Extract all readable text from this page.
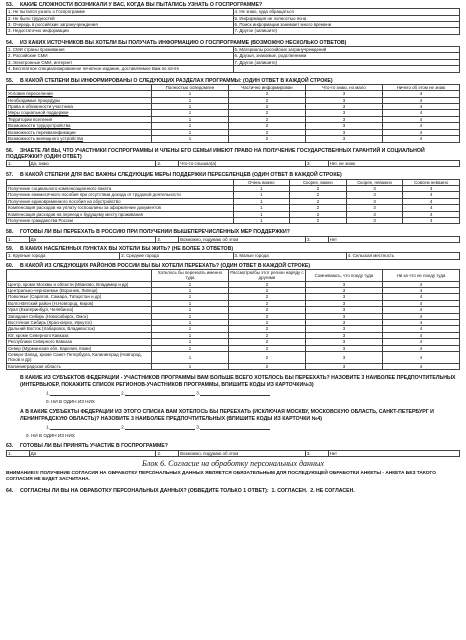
53. КАКИЕ СЛОЖНОСТИ ВОЗНИКАЛИ У ВАС, КОГДА ВЫ ПЫТАЛИСЬ УЗНАТЬ О ГОСПРОГРАММЕ?

1. Не пытался узнать о Госпрограмме	4. Не знаю, куда обращаться
2. Не было трудностей	5. Информация не полностью ясна
3. Очередь в российские загранучреждения	6. Поиск информации занимает много времени
3. Недостаточно информации	7. Другое (запишите)

54. ИЗ КАКИХ ИСТОЧНИКОВ ВЫ ХОТЕЛИ БЫ ПОЛУЧАТЬ ИНФОРМАЦИЮ О ГОСПРОГРАММЕ (ВОЗМОЖНО НЕСКОЛЬКО ОТВЕТОВ)

1. СМИ страны проживания	5. Материалы российских загранучреждений
2. Российские СМИ	6. Друзья, знакомые, родственники
3. Электронные СМИ, интернет	7. Другое (запишите)
4. Бесплатное специализированное печатное издание, доставляемое Вам по почте	

55. В КАКОЙ СТЕПЕНИ ВЫ ИНФОРМИРОВАНЫ О СЛЕДУЮЩИХ РАЗДЕЛАХ ПРОГРАММЫ: (ОДИН ОТВЕТ В КАЖДОЙ СТРОКЕ)

	Полностью осведомлен	Частично информирован	Что-то знаю, но мало	Ничего об этом не знаю
Условия переселения	1	2	3	4
Необходимые процедуры	1	2	3	4
Права и обязанности участника	1	2	3	4
Меры социальной поддержки	1	2	3	4
Территории вселения	1	2	3	4
Возможности трудоустройства	1	2	3	4
Возможность переквалификации	1	2	3	4
Возможность жилищного устройства	1	2	3	4

56. ЗНАЕТЕ ЛИ ВЫ, ЧТО УЧАСТНИКИ ГОСПРОГРАММЫ И ЧЛЕНЫ ЕГО СЕМЬИ ИМЕЮТ ПРАВО НА ПОЛУЧЕНИЕ ГОСУДАРСТВЕННЫХ ГАРАНТИЙ И СОЦИАЛЬНОЙ ПОДДЕРЖКИ? (ОДИН ОТВЕТ)

1.	Да, знаю	2.	Что-то слышал(а)	3.	Нет, не знаю

57. В КАКОЙ СТЕПЕНИ ДЛЯ ВАС ВАЖНЫ СЛЕДУЮЩИЕ МЕРЫ ПОДДЕРЖКИ ПЕРЕСЕЛЕНЦЕВ (ОДИН ОТВЕТ В КАЖДОЙ СТРОКЕ)

	Очень важно	Скорее, важно	Скорее, неважно	Совсем неважно
Получение социального компенсационного пакета	1	2	3	4
Получение ежемесячного пособия при отсутствии дохода от трудовой деятельности	1	2	3	4
Получение единовременного пособия на обустройство	1	2	3	4
Компенсация расходов на уплату госпошлины за оформление документов	1	2	3	4
Компенсация расходов на переезд к будущему месту проживания	1	2	3	4
Получение гражданства России	1	2	3	4

58. ГОТОВЫ ЛИ ВЫ ПЕРЕЕХАТЬ В РОССИЮ ПРИ ПОЛУЧЕНИИ ВЫШЕПЕРЕЧИСЛЕННЫХ МЕР ПОДДЕРЖКИ?

1.	Да	2.	Возможно, подумаю об этом	3.	Нет

59. В КАКИХ НАСЕЛЕННЫХ ПУНКТАХ ВЫ ХОТЕЛИ БЫ ЖИТЬ? (НЕ БОЛЕЕ 3 ОТВЕТОВ)

1. Крупные города	2. Средние города	3. Малые города	4. Сельская местность

60. В КАКОЙ ИЗ СЛЕДУЮЩИХ РАЙОНОВ РОССИИ ВЫ БЫ ХОТЕЛИ ПЕРЕЕХАТЬ? (ОДИН ОТВЕТ В КАЖДОЙ СТРОКЕ)

	Хотелось бы переехать именно туда	Рассмотрю/бы этот регион наряду с другими	Сомневаюсь, что поеду туда	Ни за что не поеду туда
Центр, кроме Москвы и области (Иваново, Владимир и др)	1	2	3	4
Центрально-черноземье (Воронеж, Липецк)	1	2	3	4
Поволжье (Саратов, Самара, Татарстан и др)	1	2	3	4
Волго-Вятский район (Н.Новгород, Киров)	1	2	3	4
Урал (Екатеринбург, Челябинск)	1	2	3	4
Западная Сибирь (Новосибирск, Омск)	1	2	3	4
Восточная Сибирь (Красноярск, Иркутск)	1	2	3	4
Дальний Восток (Хабаровск, Владивосток)	1	2	3	4
Юг, кроме Северного Кавказа	1	2	3	4
Республики Северного Кавказа	1	2	3	4
Север (Мурманская обл, Карелия, Коми)	1	2	3	4
Северо-Запад, кроме Санкт-Петербурга, Калининград (Новгород, Псков и др)	1	2	3	4
Калининградская область	1	2	3	4

В КАКИЕ ИЗ СУБЪЕКТОВ ФЕДЕРАЦИИ - УЧАСТНИКОВ ПРОГРАММЫ ВАМ БОЛЬШЕ ВСЕГО ХОТЕЛОСЬ БЫ ПЕРЕЕХАТЬ? НАЗОВИТЕ 3 НАИБОЛЕЕ ПРЕДПОЧТИТЕЛЬНЫХ (ИНТЕРВЬЮЕР, ПОКАЖИТЕ СПИСОК РЕГИОНОВ-УЧАСТНИКОВ ПРОГРАММЫ, ВПИШИТЕ КОДЫ ИЗ КАРТОЧКИ№3)

1.	2.	3.
0. НИ В ОДИН ИЗ НИХ

А В КАКИЕ СУБЪЕКТЫ ФЕДЕРАЦИИ ИЗ ЭТОГО СПИСКА ВАМ ХОТЕЛОСЬ БЫ ПЕРЕЕХАТЬ (ИСКЛЮЧАЯ МОСКВУ, МОСКОВСКУЮ ОБЛАСТЬ, САНКТ-ПЕТЕРБУРГ И ЛЕНИНГРАДСКУЮ ОБЛАСТЬ)? НАЗОВИТЕ 3 НАИБОЛЕЕ ПРЕДПОЧТИТЕЛЬНЫХ (ВПИШИТЕ КОДЫ ИЗ КАРТОЧКИ №4)

1.	2.	3.
0. НИ В ОДИН ИЗ НИХ

63. ГОТОВЫ ЛИ ВЫ ПРИНЯТЬ УЧАСТИЕ В ГОСПРОГРАММЕ?

1.	Да	2.	Возможно, подумаю об этом	3.	Нет
Блок 6. Согласие на обработку персональных данных
ВНИМАНИЕ!!! ПОЛУЧЕНИЕ СОГЛАСИЯ НА ОБРАБОТКУ ПЕРСОНАЛЬНЫХ ДАННЫХ ЯВЛЯЕТСЯ ОБЯЗАТЕЛЬНЫМ ДЛЯ ПОСЛЕДУЮЩЕЙ ОБРАБОТКИ АНКЕТЫ - АНКЕТА БЕЗ ТАКОГО СОГЛАСИЯ НЕ БУДЕТ ЗАСЧИТАНА.

64. СОГЛАСНЫ ЛИ ВЫ НА ОБРАБОТКУ ПЕРСОНАЛЬНЫХ ДАННЫХ? (ОБВЕДИТЕ ТОЛЬКО 1 ОТВЕТ): 1. СОГЛАСЕН. 2. НЕ СОГЛАСЕН.
